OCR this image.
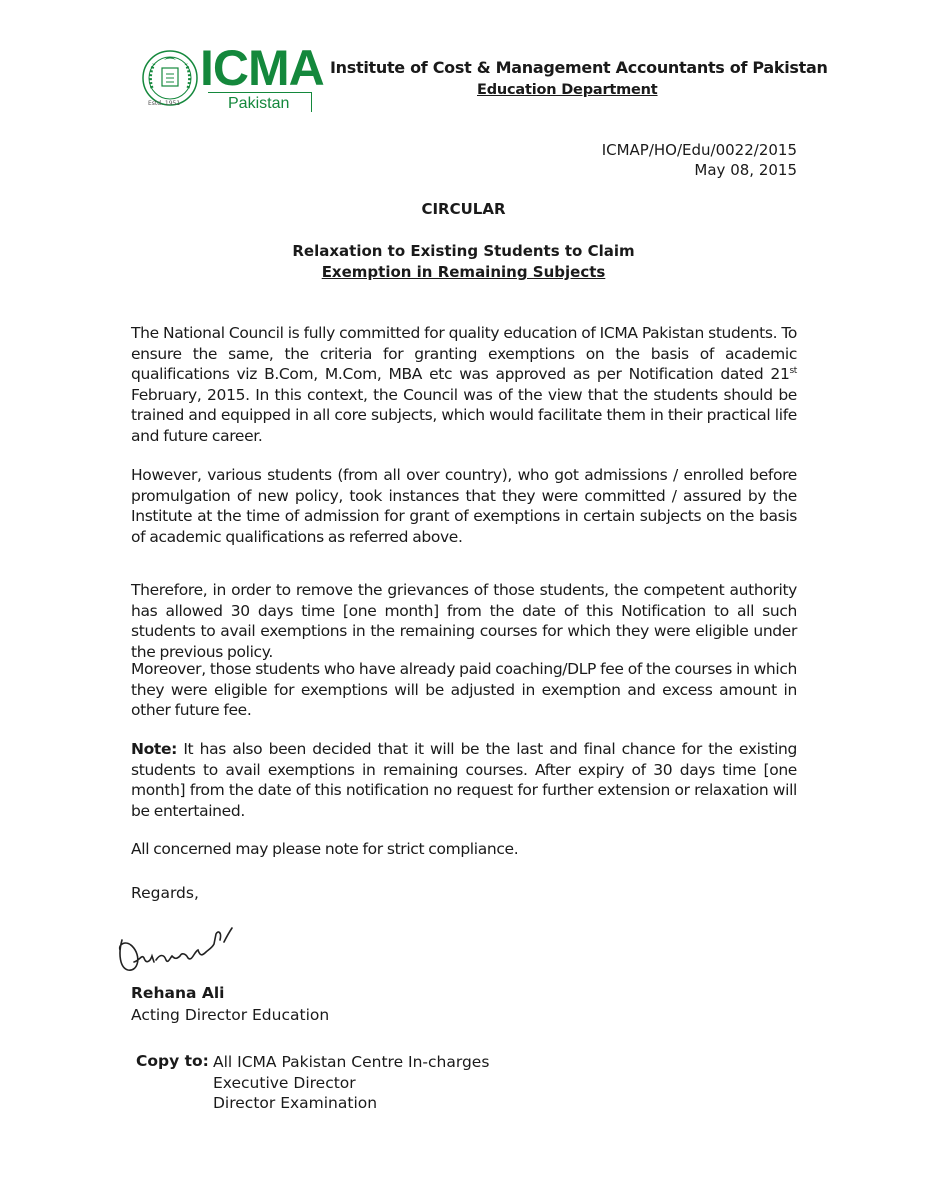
Estd. 1951
ICMA
Pakistan
Institute of Cost & Management Accountants of Pakistan
Education Department
ICMAP/HO/Edu/0022/2015
May 08, 2015
CIRCULAR
Relaxation to Existing Students to Claim
Exemption in Remaining Subjects
The National Council is fully committed for quality education of ICMA Pakistan students. To ensure the same, the criteria for granting exemptions on the basis of academic qualifications viz B.Com, M.Com, MBA etc was approved as per Notification dated 21st February, 2015. In this context, the Council was of the view that the students should be trained and equipped in all core subjects, which would facilitate them in their practical life and future career.
However, various students (from all over country), who got admissions / enrolled before promulgation of new policy, took instances that they were committed / assured by the Institute at the time of admission for grant of exemptions in certain subjects on the basis of academic qualifications as referred above.
Therefore, in order to remove the grievances of those students, the competent authority has allowed 30 days time [one month] from the date of this Notification to all such students to avail exemptions in the remaining courses for which they were eligible under the previous policy.
Moreover, those students who have already paid coaching/DLP fee of the courses in which they were eligible for exemptions will be adjusted in exemption and excess amount in other future fee.
Note: It has also been decided that it will be the last and final chance for the existing students to avail exemptions in remaining courses. After expiry of 30 days time [one month] from the date of this notification no request for further extension or relaxation will be entertained.
All concerned may please note for strict compliance.
Regards,
Rehana Ali
Acting Director Education
Copy to: All ICMA Pakistan Centre In-charges
Executive Director
Director Examination
